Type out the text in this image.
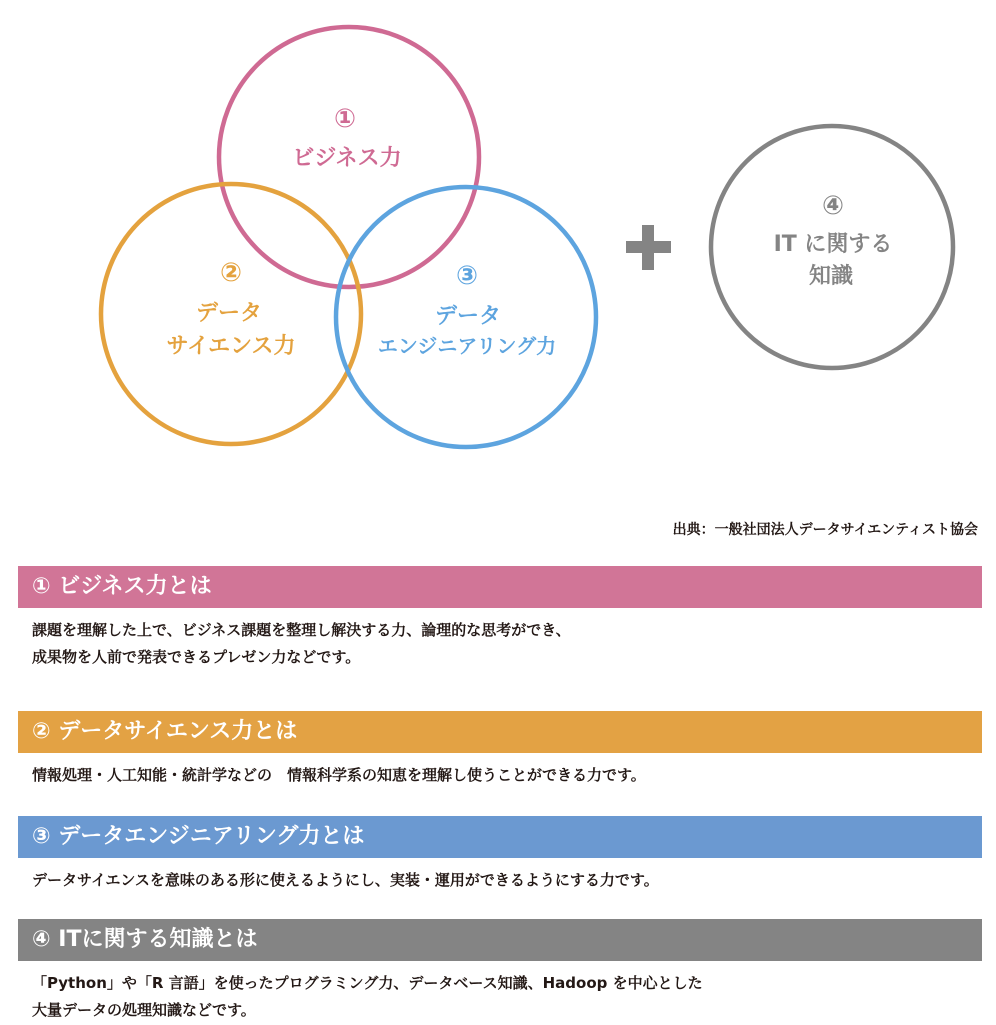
①
ビジネス力
②
データ
サイエンス力
③
データ
エンジニアリング力
④
IT に関する
知識
出典：一般社団法人データサイエンティスト協会
① ビジネス力とは
課題を理解した上で、ビジネス課題を整理し解決する力、論理的な思考ができ、
成果物を人前で発表できるプレゼン力などです。
② データサイエンス力とは
情報処理・人工知能・統計学などの　情報科学系の知恵を理解し使うことができる力です。
③ データエンジニアリング力とは
データサイエンスを意味のある形に使えるようにし、実装・運用ができるようにする力です。
④ ITに関する知識とは
「Python」や「R 言語」を使ったプログラミング力、データベース知識、Hadoop を中心とした
大量データの処理知識などです。
